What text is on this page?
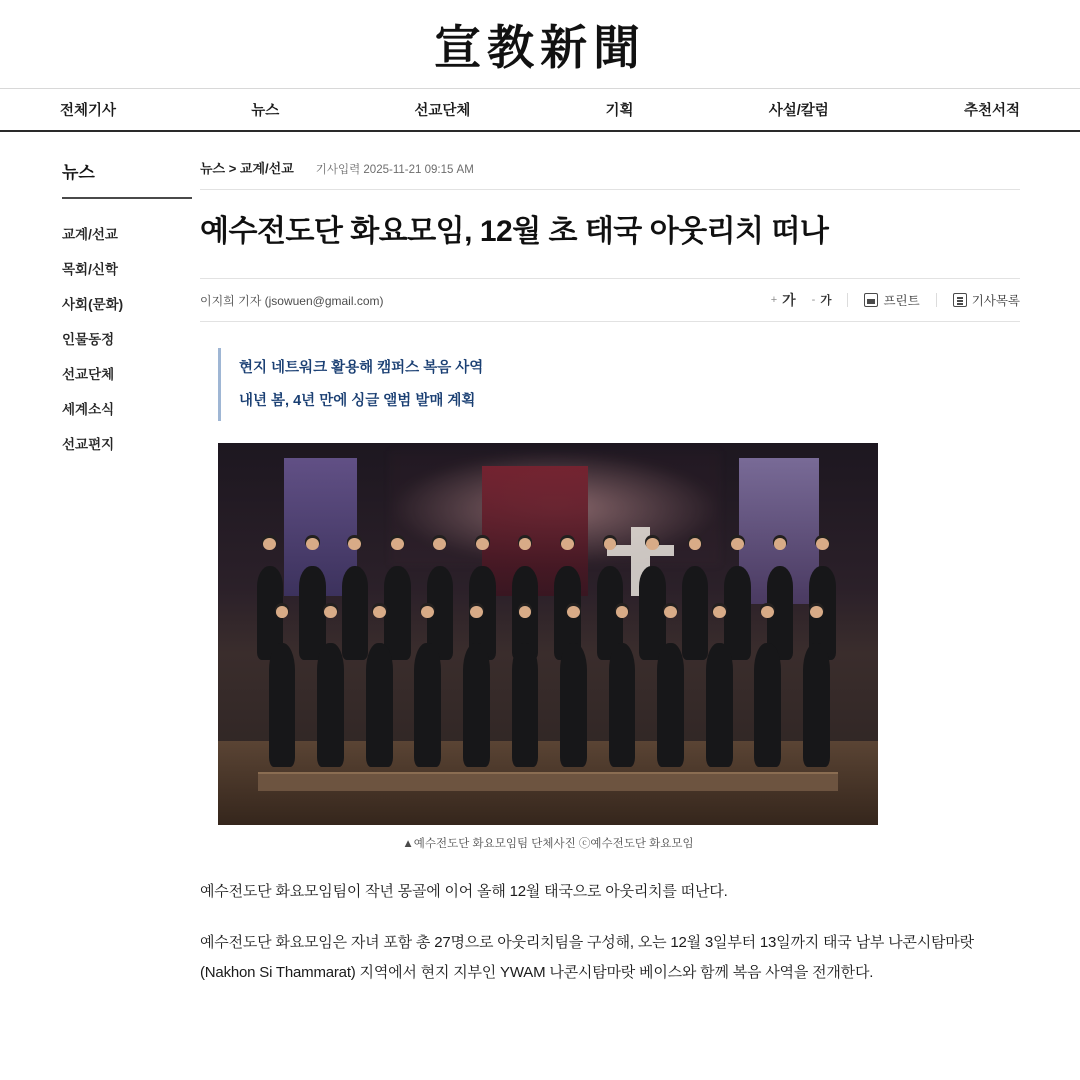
宣教新聞
전체기사	뉴스	선교단체	기획	사설/칼럼	추천서적
뉴스
교계/선교
목회/신학
사회(문화)
인물동정
선교단체
세계소식
선교편지
뉴스 > 교계/선교 기사입력 2025-11-21 09:15 AM
예수전도단 화요모임, 12월 초 태국 아웃리치 떠나
이지희 기자 (jsowuen@gmail.com)	+ 가 - 가	프린트	기사목록
현지 네트워크 활용해 캠퍼스 복음 사역
내년 봄, 4년 만에 싱글 앨범 발매 계획
▲예수전도단 화요모임팀 단체사진 ⓒ예수전도단 화요모임

예수전도단 화요모임팀이 작년 몽골에 이어 올해 12월 태국으로 아웃리치를 떠난다.

예수전도단 화요모임은 자녀 포함 총 27명으로 아웃리치팀을 구성해, 오는 12월 3일부터 13일까지 태국 남부 나콘시탐마랏(Nakhon Si Thammarat) 지역에서 현지 지부인 YWAM 나콘시탐마랏 베이스와 함께 복음 사역을 전개한다.
